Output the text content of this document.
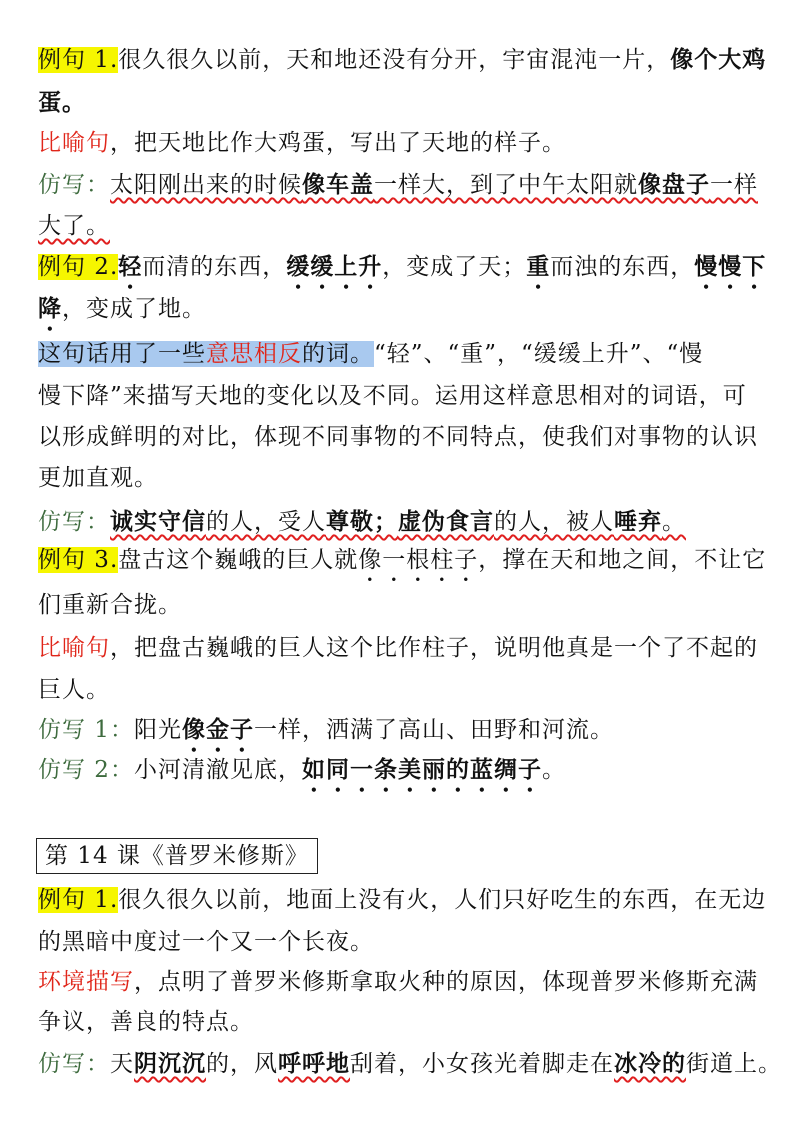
例句 1.很久很久以前，天和地还没有分开，宇宙混沌一片，像个大鸡
蛋。
比喻句，把天地比作大鸡蛋，写出了天地的样子。
仿写：太阳刚出来的时候像车盖一样大，到了中午太阳就像盘子一样
大了。
例句 2.轻而清的东西，缓缓上升，变成了天；重而浊的东西，慢慢下
降，变成了地。
这句话用了一些意思相反的词。“轻”、“重”，“缓缓上升”、“慢
慢下降”来描写天地的变化以及不同。运用这样意思相对的词语，可
以形成鲜明的对比，体现不同事物的不同特点，使我们对事物的认识
更加直观。
仿写：诚实守信的人，受人尊敬；虚伪食言的人，被人唾弃。
例句 3.盘古这个巍峨的巨人就像一根柱子，撑在天和地之间，不让它
们重新合拢。
比喻句，把盘古巍峨的巨人这个比作柱子，说明他真是一个了不起的
巨人。
仿写 1：阳光像金子一样，洒满了高山、田野和河流。
仿写 2：小河清澈见底，如同一条美丽的蓝绸子。
第 14 课《普罗米修斯》
例句 1.很久很久以前，地面上没有火，人们只好吃生的东西，在无边
的黑暗中度过一个又一个长夜。
环境描写，点明了普罗米修斯拿取火种的原因，体现普罗米修斯充满
争议，善良的特点。
仿写：天阴沉沉的，风呼呼地刮着，小女孩光着脚走在冰冷的街道上。
